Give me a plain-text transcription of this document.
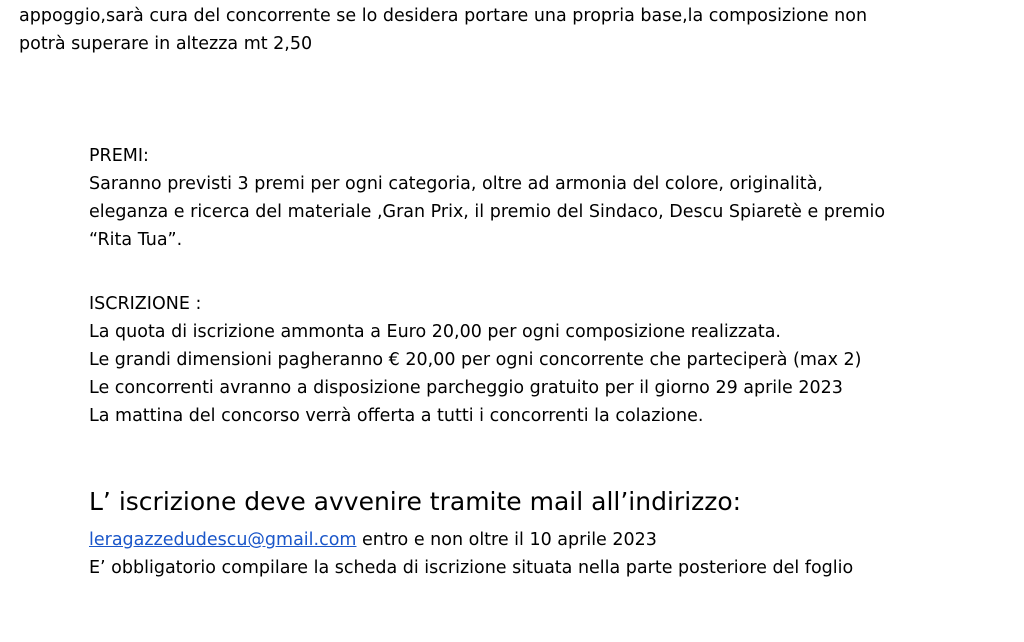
appoggio,sarà cura del concorrente se lo desidera portare una propria base,la composizione non
potrà superare in altezza mt 2,50
PREMI:
Saranno previsti 3 premi per ogni categoria, oltre ad armonia del colore, originalità,
eleganza e ricerca del materiale ,Gran Prix, il premio del Sindaco, Descu Spiaretè e premio
“Rita Tua”.
ISCRIZIONE :
La quota di iscrizione ammonta a Euro 20,00 per ogni composizione realizzata.
Le grandi dimensioni pagheranno € 20,00 per ogni concorrente che parteciperà (max 2)
Le concorrenti avranno a disposizione parcheggio gratuito per il giorno 29 aprile 2023
La mattina del concorso verrà offerta a tutti i concorrenti la colazione.
L’ iscrizione deve avvenire tramite mail all’indirizzo:
leragazzedudescu@gmail.com entro e non oltre il 10 aprile 2023
E’ obbligatorio compilare la scheda di iscrizione situata nella parte posteriore del foglio
